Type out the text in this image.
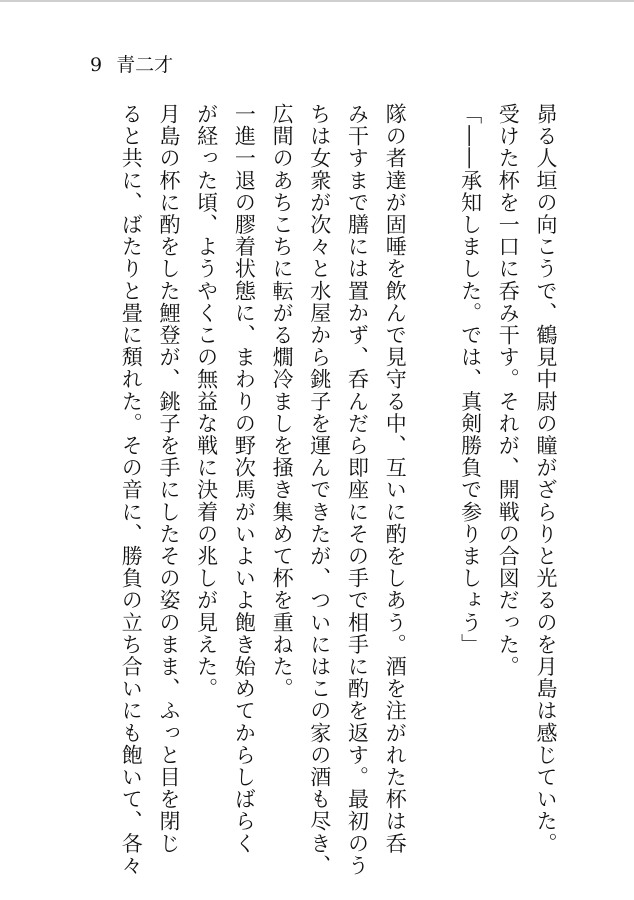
9 青二才

昴る人垣の向こうで、鶴見中尉の瞳がざらりと光るのを月島は感じていた。

受けた杯を一口に呑み干す。それが、開戦の合図だった。

「――承知しました。では、真剣勝負で参りましょう」

隊の者達が固唾を飲んで見守る中、互いに酌をしあう。酒を注がれた杯は呑

み干すまで膳には置かず、呑んだら即座にその手で相手に酌を返す。最初のう

ちは女衆が次々と水屋から銚子を運んできたが、ついにはこの家の酒も尽き、

広間のあちこちに転がる燗冷ましを掻き集めて杯を重ねた。

一進一退の膠着状態に、まわりの野次馬がいよいよ飽き始めてからしばらく

が経った頃、ようやくこの無益な戦に決着の兆しが見えた。

月島の杯に酌をした鯉登が、銚子を手にしたその姿のまま、ふっと目を閉じ

ると共に、ばたりと畳に頽れた。その音に、勝負の立ち合いにも飽いて、各々
